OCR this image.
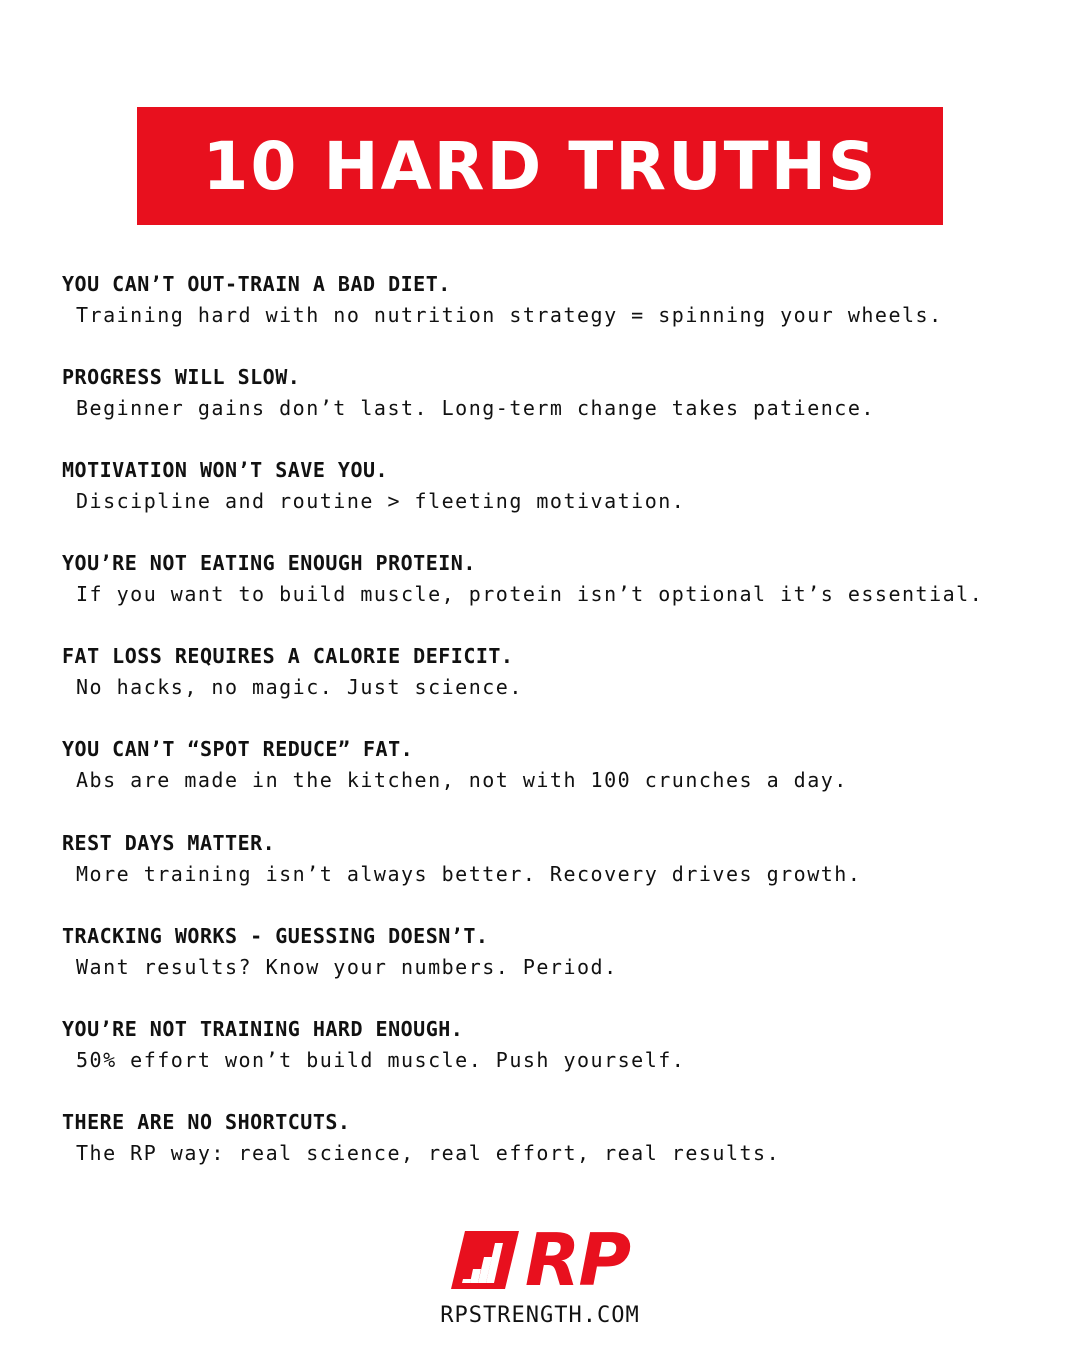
10 HARD TRUTHS
YOU CAN’T OUT-TRAIN A BAD DIET.
Training hard with no nutrition strategy = spinning your wheels.
PROGRESS WILL SLOW.
Beginner gains don’t last. Long-term change takes patience.
MOTIVATION WON’T SAVE YOU.
Discipline and routine > fleeting motivation.
YOU’RE NOT EATING ENOUGH PROTEIN.
If you want to build muscle, protein isn’t optional it’s essential.
FAT LOSS REQUIRES A CALORIE DEFICIT.
No hacks, no magic. Just science.
YOU CAN’T “SPOT REDUCE” FAT.
Abs are made in the kitchen, not with 100 crunches a day.
REST DAYS MATTER.
More training isn’t always better. Recovery drives growth.
TRACKING WORKS - GUESSING DOESN’T.
Want results? Know your numbers. Period.
YOU’RE NOT TRAINING HARD ENOUGH.
50% effort won’t build muscle. Push yourself.
THERE ARE NO SHORTCUTS.
The RP way: real science, real effort, real results.
RP
RPSTRENGTH.COM
